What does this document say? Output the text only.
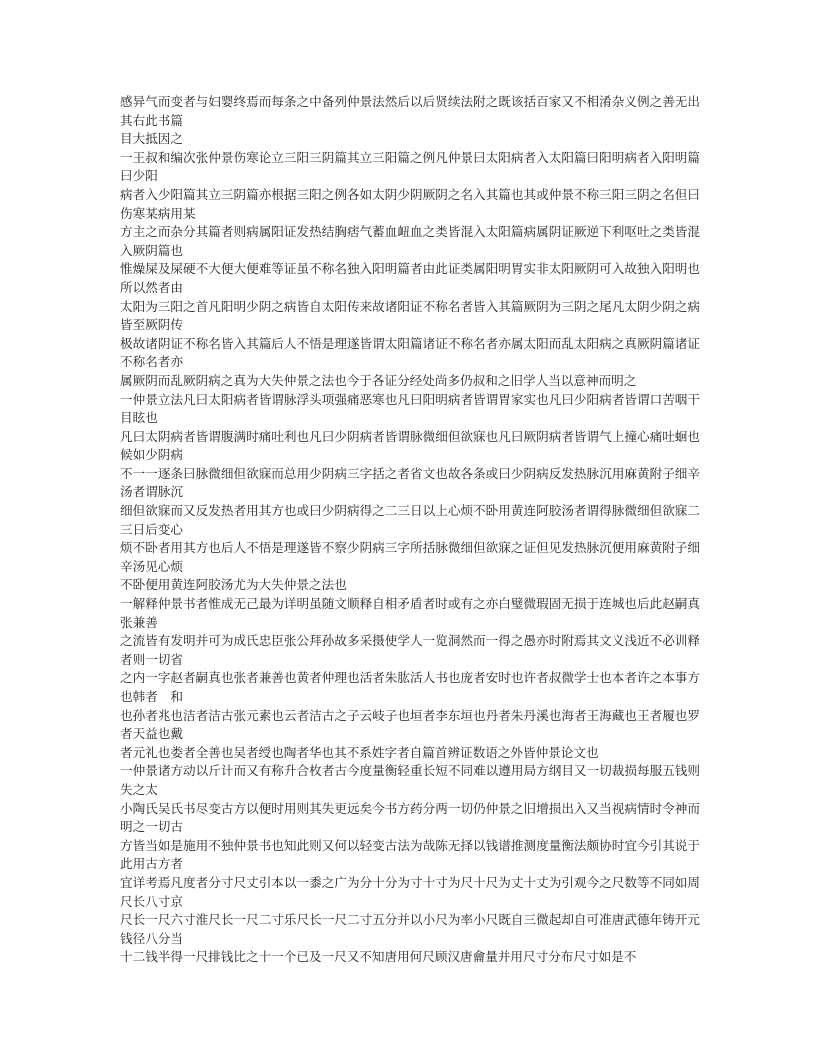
感异气而变者与妇婴终焉而每条之中备列仲景法然后以后贤续法附之既该括百家又不相淆杂义例之善无出其右此书篇

目大抵因之

一王叔和编次张仲景伤寒论立三阳三阴篇其立三阳篇之例凡仲景曰太阳病者入太阳篇曰阳明病者入阳明篇曰少阳

病者入少阳篇其立三阴篇亦根据三阳之例各如太阴少阴厥阴之名入其篇也其或仲景不称三阳三阴之名但曰伤寒某病用某

方主之而杂分其篇者则病属阳证发热结胸痞气蓄血衄血之类皆混入太阳篇病属阴证厥逆下利呕吐之类皆混入厥阴篇也

惟燥屎及屎硬不大便大便难等证虽不称名独入阳明篇者由此证类属阳明胃实非太阳厥阴可入故独入阳明也所以然者由

太阳为三阳之首凡阳明少阴之病皆自太阳传来故诸阳证不称名者皆入其篇厥阴为三阴之尾凡太阴少阴之病皆至厥阴传

极故诸阴证不称名皆入其篇后人不悟是理遂皆谓太阳篇诸证不称名者亦属太阳而乱太阳病之真厥阴篇诸证不称名者亦

属厥阴而乱厥阴病之真为大失仲景之法也今于各证分经处尚多仍叔和之旧学人当以意神而明之

一仲景立法凡曰太阳病者皆谓脉浮头项强痛恶寒也凡曰阳明病者皆谓胃家实也凡曰少阳病者皆谓口苦咽干目眩也

凡曰太阴病者皆谓腹满时痛吐利也凡曰少阴病者皆谓脉微细但欲寐也凡曰厥阴病者皆谓气上撞心痛吐蛔也候如少阴病

不一一逐条曰脉微细但欲寐而总用少阴病三字括之者省文也故各条或曰少阴病反发热脉沉用麻黄附子细辛汤者谓脉沉

细但欲寐而又反发热者用其方也或曰少阴病得之二三日以上心烦不卧用黄连阿胶汤者谓得脉微细但欲寐二三日后变心

烦不卧者用其方也后人不悟是理遂皆不察少阴病三字所括脉微细但欲寐之证但见发热脉沉便用麻黄附子细辛汤见心烦

不卧便用黄连阿胶汤尤为大失仲景之法也

一解释仲景书者惟成无己最为详明虽随文顺释自相矛盾者时或有之亦白璧微瑕固无损于连城也后此赵嗣真张兼善

之流皆有发明并可为成氏忠臣张公拜孙故多采摄使学人一览洞然而一得之愚亦时附焉其文义浅近不必训释者则一切省

之内一字赵者嗣真也张者兼善也黄者仲理也活者朱肱活人书也庞者安时也许者叔微学士也本者许之本事方也韩者　和

也孙者兆也洁者洁古张元素也云者洁古之子云岐子也垣者李东垣也丹者朱丹溪也海者王海藏也王者履也罗者天益也戴

者元礼也娄者全善也吴者绶也陶者华也其不系姓字者自篇首辨证数语之外皆仲景论文也

一仲景诸方动以斤计而又有称升合枚者古今度量衡轻重长短不同难以遵用局方纲目又一切裁损每服五钱则失之太

小陶氏吴氏书尽变古方以便时用则其失更远矣今书方药分两一切仍仲景之旧增损出入又当视病情时令神而明之一切古

方皆当如是施用不独仲景书也知此则又何以轻变古法为哉陈无择以钱谱推测度量衡法颇协时宜今引其说于此用古方者

宜详考焉凡度者分寸尺丈引本以一黍之广为分十分为寸十寸为尺十尺为丈十丈为引观今之尺数等不同如周尺长八寸京

尺长一尺六寸淮尺长一尺二寸乐尺长一尺二寸五分并以小尺为率小尺既自三微起却自可准唐武德年铸开元钱径八分当

十二钱半得一尺排钱比之十一个已及一尺又不知唐用何尺顾汉唐龠量并用尺寸分布尺寸如是不
